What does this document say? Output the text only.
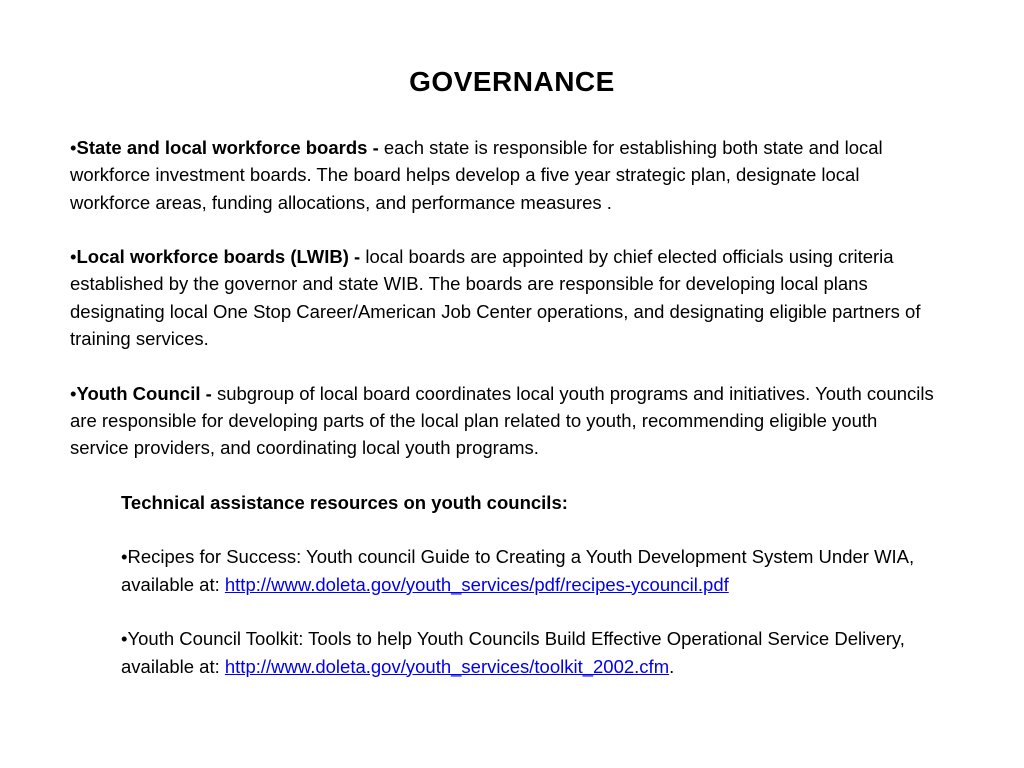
GOVERNANCE

•State and local workforce boards - each state is responsible for establishing both state and local workforce investment boards. The board helps develop a five year strategic plan, designate local workforce areas, funding allocations, and performance measures .

•Local workforce boards (LWIB) - local boards are appointed by chief elected officials using criteria established by the governor and state WIB. The boards are responsible for developing local plans designating local One Stop Career/American Job Center operations, and designating eligible partners of training services.

•Youth Council - subgroup of local board coordinates local youth programs and initiatives. Youth councils are responsible for developing parts of the local plan related to youth, recommending eligible youth service providers, and coordinating local youth programs.

Technical assistance resources on youth councils:

•Recipes for Success: Youth council Guide to Creating a Youth Development System Under WIA, available at: http://www.doleta.gov/youth_services/pdf/recipes-ycouncil.pdf

•Youth Council Toolkit: Tools to help Youth Councils Build Effective Operational Service Delivery, available at: http://www.doleta.gov/youth_services/toolkit_2002.cfm.
